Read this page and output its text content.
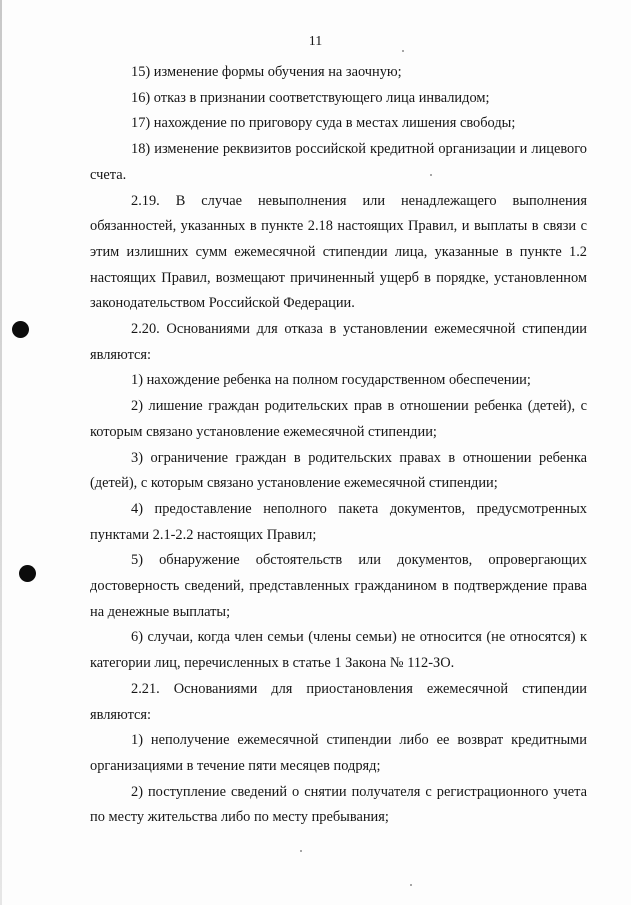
11

15) изменение формы обучения на заочную;

16) отказ в признании соответствующего лица инвалидом;

17) нахождение по приговору суда в местах лишения свободы;

18) изменение реквизитов российской кредитной организации и лицевого счета.

2.19. В случае невыполнения или ненадлежащего выполнения обязанностей, указанных в пункте 2.18 настоящих Правил, и выплаты в связи с этим излишних сумм ежемесячной стипендии лица, указанные в пункте 1.2 настоящих Правил, возмещают причиненный ущерб в порядке, установленном законодательством Российской Федерации.

2.20. Основаниями для отказа в установлении ежемесячной стипендии являются:

1) нахождение ребенка на полном государственном обеспечении;

2) лишение граждан родительских прав в отношении ребенка (детей), с которым связано установление ежемесячной стипендии;

3) ограничение граждан в родительских правах в отношении ребенка (детей), с которым связано установление ежемесячной стипендии;

4) предоставление неполного пакета документов, предусмотренных пунктами 2.1-2.2 настоящих Правил;

5) обнаружение обстоятельств или документов, опровергающих достоверность сведений, представленных гражданином в подтверждение права на денежные выплаты;

6) случаи, когда член семьи (члены семьи) не относится (не относятся) к категории лиц, перечисленных в статье 1 Закона № 112-ЗО.

2.21. Основаниями для приостановления ежемесячной стипендии являются:

1) неполучение ежемесячной стипендии либо ее возврат кредитными организациями в течение пяти месяцев подряд;

2) поступление сведений о снятии получателя с регистрационного учета по месту жительства либо по месту пребывания;
